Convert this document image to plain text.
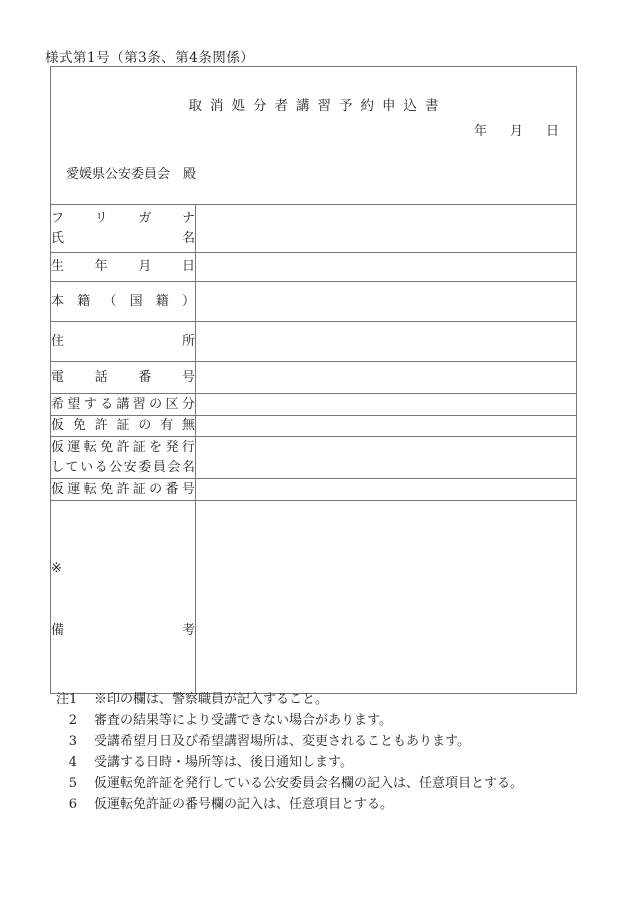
様式第1号（第3条、第4条関係）
取消処分者講習予約申込書
年　月　日
愛媛県公安委員会　殿	

フ リ ガ ナ
氏	名

生 年 月 日	

本 籍 （ 国 籍 ）

住 所	

電 話 番 号	

希 望 す る 講 習 の 区 分

仮 免 許 証 の 有 無

仮 運 転 免 許 証 を 発 行
し て い る 公 安 委 員 会 名

仮 運 転 免 許 証 の 番 号

※
備 考	

注1 ※印の欄は、警察職員が記入すること。
2 審査の結果等により受講できない場合があります。
3 受講希望月日及び希望講習場所は、変更されることもあります。
4 受講する日時・場所等は、後日通知します。
5 仮運転免許証を発行している公安委員会名欄の記入は、任意項目とする。
6 仮運転免許証の番号欄の記入は、任意項目とする。
